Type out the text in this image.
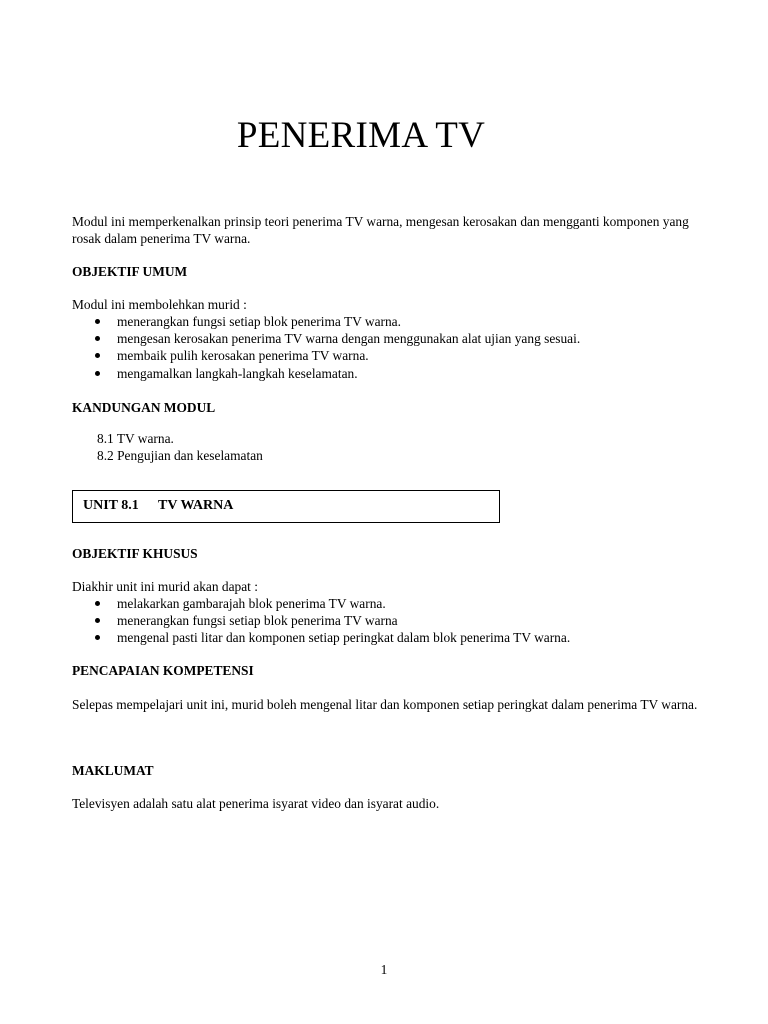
PENERIMA TV
Modul ini memperkenalkan prinsip teori penerima TV warna, mengesan kerosakan dan mengganti komponen yang rosak dalam penerima TV warna.
OBJEKTIF UMUM
Modul ini membolehkan murid :
menerangkan fungsi setiap blok penerima TV warna.
mengesan kerosakan penerima TV warna dengan menggunakan alat ujian yang sesuai.
membaik pulih kerosakan penerima TV warna.
mengamalkan langkah-langkah keselamatan.
KANDUNGAN MODUL
8.1 TV warna.
8.2 Pengujian dan keselamatan
UNIT 8.1 TV WARNA
OBJEKTIF KHUSUS
Diakhir unit ini murid akan dapat :
melakarkan gambarajah blok penerima TV warna.
menerangkan fungsi setiap blok penerima TV warna
mengenal pasti litar dan komponen setiap peringkat dalam blok penerima TV warna.
PENCAPAIAN KOMPETENSI
Selepas mempelajari unit ini, murid boleh mengenal litar dan komponen setiap peringkat dalam penerima TV warna.
MAKLUMAT
Televisyen adalah satu alat penerima isyarat video dan isyarat audio.
1
